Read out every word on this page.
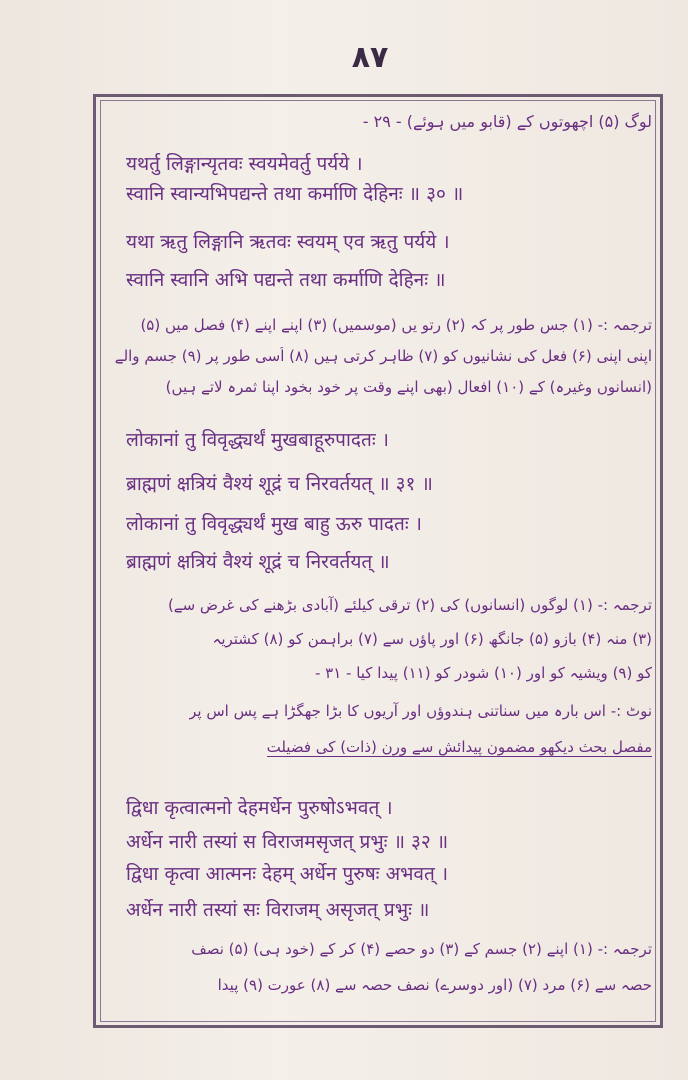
۸۷
لوگ (۵) اچھوتوں کے (قابو میں ہوئے) - ۲۹ -
यथर्तु लिङ्गान्यृतवः स्वयमेवर्तु पर्यये ।
स्वानि स्वान्यभिपद्यन्ते तथा कर्माणि देहिनः ॥ ३० ॥
यथा ऋतु लिङ्गानि ऋतवः स्वयम् एव ऋतु पर्यये ।
स्वानि स्वानि अभि पद्यन्ते तथा कर्माणि देहिनः ॥
ترجمہ :- (۱) جس طور پر کہ (۲) رتو یں (موسمیں) (۳) اپنے اپنے (۴) فصل میں (۵)
اپنی اپنی (۶) فعل کی نشانیوں کو (۷) ظاہر کرتی ہیں (۸) اُسی طور پر (۹) جسم والے
(انسانوں وغیرہ) کے (۱۰) افعال (بھی اپنے وقت پر خود بخود اپنا ثمرہ لاتے ہیں)
लोकानां तु विवृद्ध्यर्थं मुखबाहूरुपादतः ।
ब्राह्मणं क्षत्रियं वैश्यं शूद्रं च निरवर्तयत् ॥ ३१ ॥
लोकानां तु विवृद्ध्यर्थं मुख बाहु ऊरु पादतः ।
ब्राह्मणं क्षत्रियं वैश्यं शूद्रं च निरवर्तयत् ॥
ترجمہ :- (۱) لوگوں (انسانوں) کی (۲) ترقی کیلئے (آبادی بڑھنے کی غرض سے)
(۳) منہ (۴) بازو (۵) جانگھ (۶) اور پاؤں سے (۷) براہمن کو (۸) کشتریہ
کو (۹) ویشیہ کو اور (۱۰) شودر کو (۱۱) پیدا کیا - ۳۱ -
نوٹ :- اس بارہ میں سناتنی ہندوؤں اور آریوں کا بڑا جھگڑا ہے پس اس پر
مفصل بحث دیکھو مضمون پیدائش سے ورن (ذات) کی فضیلت
द्विधा कृत्वात्मनो देहमर्धेन पुरुषोऽभवत् ।
अर्धेन नारी तस्यां स विराजमसृजत् प्रभुः ॥ ३२ ॥
द्विधा कृत्वा आत्मनः देहम् अर्धेन पुरुषः अभवत् ।
अर्धेन नारी तस्यां सः विराजम् असृजत् प्रभुः ॥
ترجمہ :- (۱) اپنے (۲) جسم کے (۳) دو حصے (۴) کر کے (خود ہی) (۵) نصف
حصہ سے (۶) مرد (۷) (اور دوسرے) نصف حصہ سے (۸) عورت (۹) پیدا
